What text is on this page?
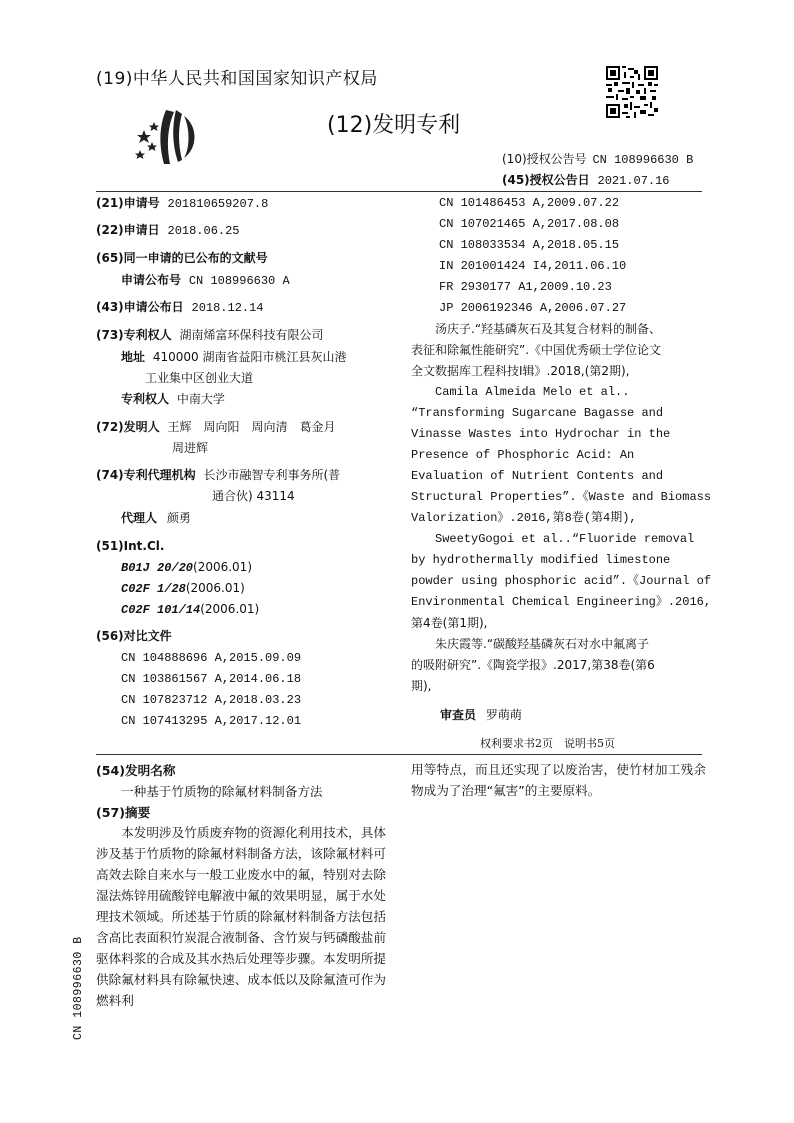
(19)中华人民共和国国家知识产权局
(12)发明专利
(10)授权公告号 CN 108996630 B
(45)授权公告日 2021.07.16
(21)申请号 201810659207.8
(22)申请日 2018.06.25
(65)同一申请的已公布的文献号
申请公布号 CN 108996630 A
(43)申请公布日 2018.12.14
(73)专利权人 湖南烯富环保科技有限公司
地址 410000 湖南省益阳市桃江县灰山港
工业集中区创业大道
专利权人 中南大学
(72)发明人 王辉　周向阳　周向清　葛金月
周进辉
(74)专利代理机构 长沙市融智专利事务所(普
通合伙) 43114
代理人 颜勇
(51)Int.Cl.
B01J 20/20(2006.01)
C02F 1/28(2006.01)
C02F 101/14(2006.01)
(56)对比文件
CN 104888696 A,2015.09.09
CN 103861567 A,2014.06.18
CN 107823712 A,2018.03.23
CN 107413295 A,2017.12.01
CN 101486453 A,2009.07.22
CN 107021465 A,2017.08.08
CN 108033534 A,2018.05.15
IN 201001424 I4,2011.06.10
FR 2930177 A1,2009.10.23
JP 2006192346 A,2006.07.27
　　汤庆子.“羟基磷灰石及其复合材料的制备、
表征和除氟性能研究”.《中国优秀硕士学位论文
全文数据库工程科技I辑》.2018,(第2期),
　　Camila Almeida Melo et al..
“Transforming Sugarcane Bagasse and
Vinasse Wastes into Hydrochar in the
Presence of Phosphoric Acid: An
Evaluation of Nutrient Contents and
Structural Properties”.《Waste and Biomass
Valorization》.2016,第8卷(第4期),
　　SweetyGogoi et al..“Fluoride removal
by hydrothermally modified limestone
powder using phosphoric acid”.《Journal of
Environmental Chemical Engineering》.2016,
第4卷(第1期),
　　朱庆霞等.“碳酸羟基磷灰石对水中氟离子
的吸附研究”.《陶瓷学报》.2017,第38卷(第6
期),
审查员 罗萌萌
权利要求书2页　说明书5页
(54)发明名称
一种基于竹质物的除氟材料制备方法
(57)摘要
本发明涉及竹质废弃物的资源化利用技术，具体涉及基于竹质物的除氟材料制备方法，该除氟材料可高效去除自来水与一般工业废水中的氟，特别对去除湿法炼锌用硫酸锌电解液中氟的效果明显，属于水处理技术领域。所述基于竹质的除氟材料制备方法包括含高比表面积竹炭混合液制备、含竹炭与钙磷酸盐前驱体料浆的合成及其水热后处理等步骤。本发明所提供除氟材料具有除氟快速、成本低以及除氟渣可作为燃料利
用等特点，而且还实现了以废治害，使竹材加工残余物成为了治理“氟害”的主要原料。
CN 108996630 B
